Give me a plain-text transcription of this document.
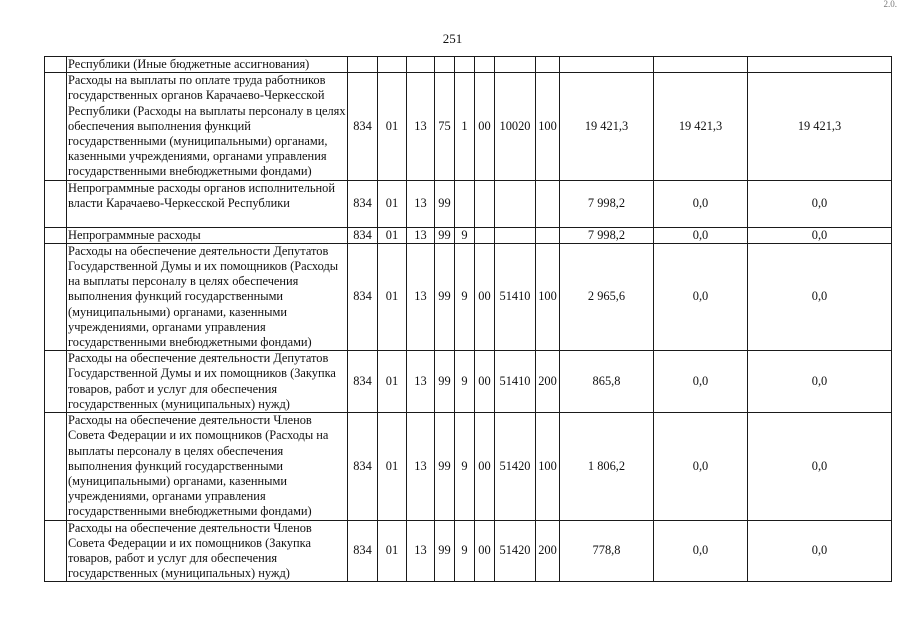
2.0.
251
	Республики (Иные бюджетные ассигнования)											
	Расходы на выплаты по оплате труда работников государственных органов Карачаево-Черкесской Республики (Расходы на выплаты персоналу в целях обеспечения выполнения функций государственными (муниципальными) органами, казенными учреждениями, органами управления государственными внебюджетными фондами)	834	01	13	75	1	00	10020	100	19 421,3	19 421,3	19 421,3
	Непрограммные расходы органов исполнительной власти Карачаево-Черкесской Республики	834	01	13	99					7 998,2	0,0	0,0
	Непрограммные расходы	834	01	13	99	9				7 998,2	0,0	0,0
	Расходы на обеспечение деятельности Депутатов Государственной Думы и их помощников (Расходы на выплаты персоналу в целях обеспечения выполнения функций государственными (муниципальными) органами, казенными учреждениями, органами управления государственными внебюджетными фондами)	834	01	13	99	9	00	51410	100	2 965,6	0,0	0,0
	Расходы на обеспечение деятельности Депутатов Государственной Думы и их помощников (Закупка товаров, работ и услуг для обеспечения государственных (муниципальных) нужд)	834	01	13	99	9	00	51410	200	865,8	0,0	0,0
	Расходы на обеспечение деятельности Членов Совета Федерации и их помощников (Расходы на выплаты персоналу в целях обеспечения выполнения функций государственными (муниципальными) органами, казенными учреждениями, органами управления государственными внебюджетными фондами)	834	01	13	99	9	00	51420	100	1 806,2	0,0	0,0
	Расходы на обеспечение деятельности Членов Совета Федерации и их помощников (Закупка товаров, работ и услуг для обеспечения государственных (муниципальных) нужд)	834	01	13	99	9	00	51420	200	778,8	0,0	0,0
